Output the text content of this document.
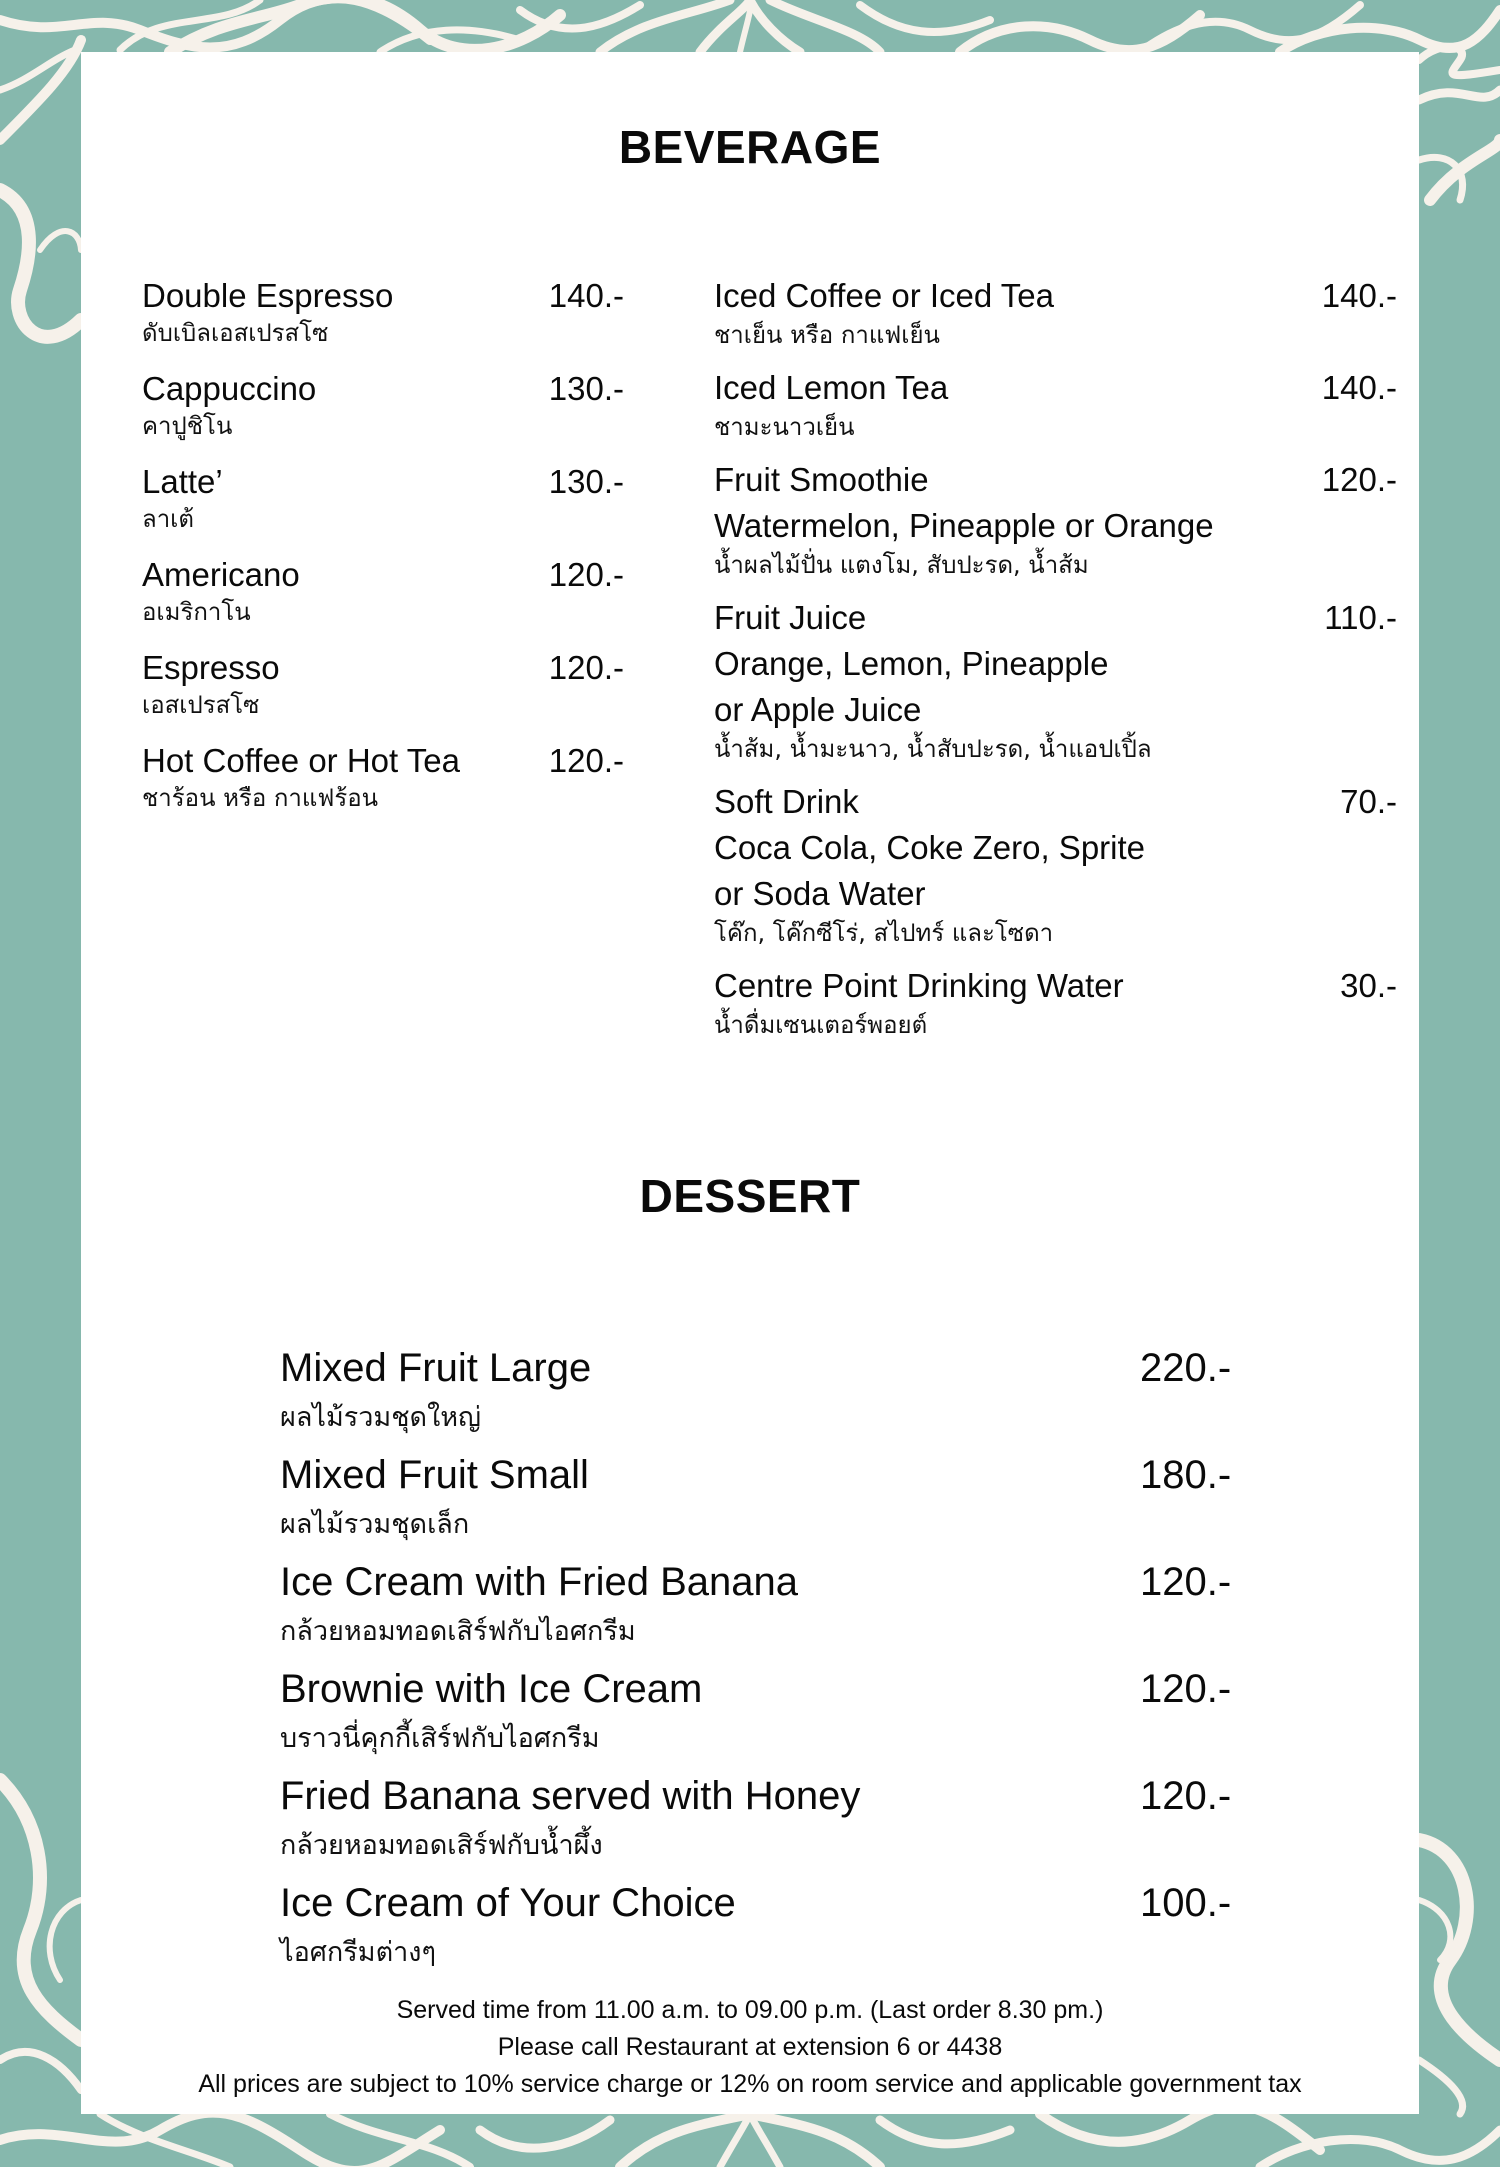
BEVERAGE
Double Espresso	140.-
ดับเบิลเอสเปรสโซ
Cappuccino	130.-
คาปูชิโน
Latte’	130.-
ลาเต้
Americano	120.-
อเมริกาโน
Espresso	120.-
เอสเปรสโซ
Hot Coffee or Hot Tea	120.-
ชาร้อน หรือ กาแฟร้อน
Iced Coffee or Iced Tea	140.-
ชาเย็น หรือ กาแฟเย็น
Iced Lemon Tea	140.-
ชามะนาวเย็น
Fruit Smoothie	120.-
Watermelon, Pineapple or Orange
น้ำผลไม้ปั่น แตงโม, สับปะรด, น้ำส้ม
Fruit Juice	110.-
Orange, Lemon, Pineapple
or Apple Juice
น้ำส้ม, น้ำมะนาว, น้ำสับปะรด, น้ำแอปเปิ้ล
Soft Drink	70.-
Coca Cola, Coke Zero, Sprite
or Soda Water
โค๊ก, โค๊กซีโร่, สไปทร์ และโซดา
Centre Point Drinking Water	30.-
น้ำดื่มเซนเตอร์พอยต์
DESSERT
Mixed Fruit Large	220.-
ผลไม้รวมชุดใหญ่
Mixed Fruit Small	180.-
ผลไม้รวมชุดเล็ก
Ice Cream with Fried Banana	120.-
กล้วยหอมทอดเสิร์ฟกับไอศกรีม
Brownie with Ice Cream	120.-
บราวนี่คุกกี้เสิร์ฟกับไอศกรีม
Fried Banana served with Honey	120.-
กล้วยหอมทอดเสิร์ฟกับน้ำผึ้ง
Ice Cream of Your Choice	100.-
ไอศกรีมต่างๆ
Served time from 11.00 a.m. to 09.00 p.m. (Last order 8.30 pm.)
Please call Restaurant at extension 6 or 4438
All prices are subject to 10% service charge or 12% on room service and applicable government tax
